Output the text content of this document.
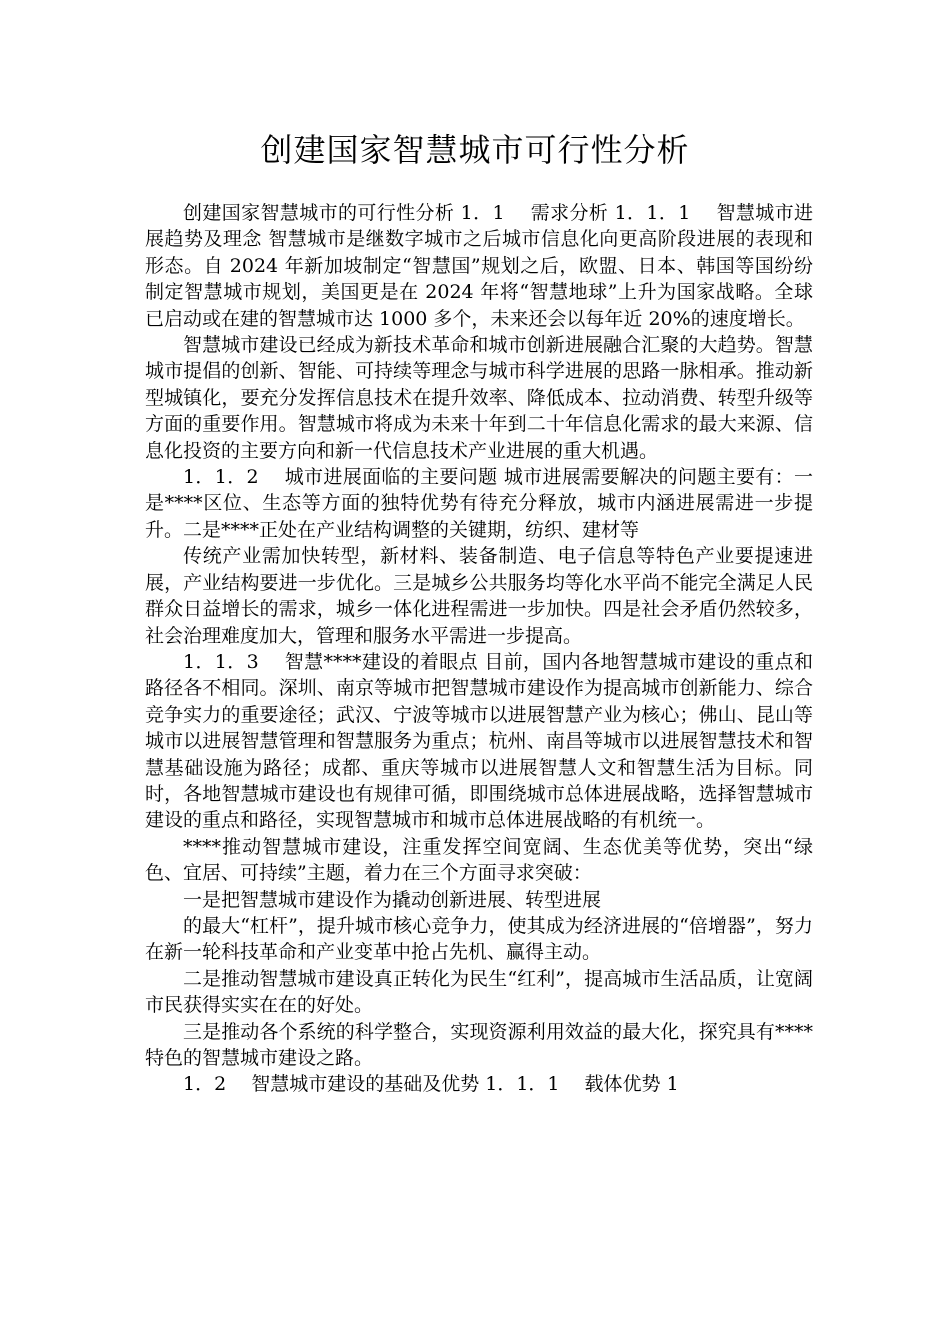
创建国家智慧城市可行性分析

创建国家智慧城市的可行性分析 1．1　 需求分析 1．1．1　 智慧城市进展趋势及理念 智慧城市是继数字城市之后城市信息化向更高阶段进展的表现和形态。自 2024 年新加坡制定“智慧国”规划之后，欧盟、日本、韩国等国纷纷制定智慧城市规划，美国更是在 2024 年将“智慧地球”上升为国家战略。全球已启动或在建的智慧城市达 1000 多个，未来还会以每年近 20%的速度增长。

智慧城市建设已经成为新技术革命和城市创新进展融合汇聚的大趋势。智慧城市提倡的创新、智能、可持续等理念与城市科学进展的思路一脉相承。推动新型城镇化，要充分发挥信息技术在提升效率、降低成本、拉动消费、转型升级等方面的重要作用。智慧城市将成为未来十年到二十年信息化需求的最大来源、信息化投资的主要方向和新一代信息技术产业进展的重大机遇。

1．1．2　 城市进展面临的主要问题 城市进展需要解决的问题主要有：一是****区位、生态等方面的独特优势有待充分释放，城市内涵进展需进一步提升。二是****正处在产业结构调整的关键期，纺织、建材等

传统产业需加快转型，新材料、装备制造、电子信息等特色产业要提速进展，产业结构要进一步优化。三是城乡公共服务均等化水平尚不能完全满足人民群众日益增长的需求，城乡一体化进程需进一步加快。四是社会矛盾仍然较多，社会治理难度加大，管理和服务水平需进一步提高。

1．1．3　 智慧****建设的着眼点 目前，国内各地智慧城市建设的重点和路径各不相同。深圳、南京等城市把智慧城市建设作为提高城市创新能力、综合竞争实力的重要途径；武汉、宁波等城市以进展智慧产业为核心；佛山、昆山等城市以进展智慧管理和智慧服务为重点；杭州、南昌等城市以进展智慧技术和智慧基础设施为路径；成都、重庆等城市以进展智慧人文和智慧生活为目标。同时，各地智慧城市建设也有规律可循，即围绕城市总体进展战略，选择智慧城市建设的重点和路径，实现智慧城市和城市总体进展战略的有机统一。

****推动智慧城市建设，注重发挥空间宽阔、生态优美等优势，突出“绿色、宜居、可持续”主题，着力在三个方面寻求突破：

一是把智慧城市建设作为撬动创新进展、转型进展

的最大“杠杆”，提升城市核心竞争力，使其成为经济进展的“倍增器”，努力在新一轮科技革命和产业变革中抢占先机、赢得主动。

二是推动智慧城市建设真正转化为民生“红利”，提高城市生活品质，让宽阔市民获得实实在在的好处。

三是推动各个系统的科学整合，实现资源利用效益的最大化，探究具有****特色的智慧城市建设之路。

1．2　 智慧城市建设的基础及优势 1．1．1　 载体优势 1
